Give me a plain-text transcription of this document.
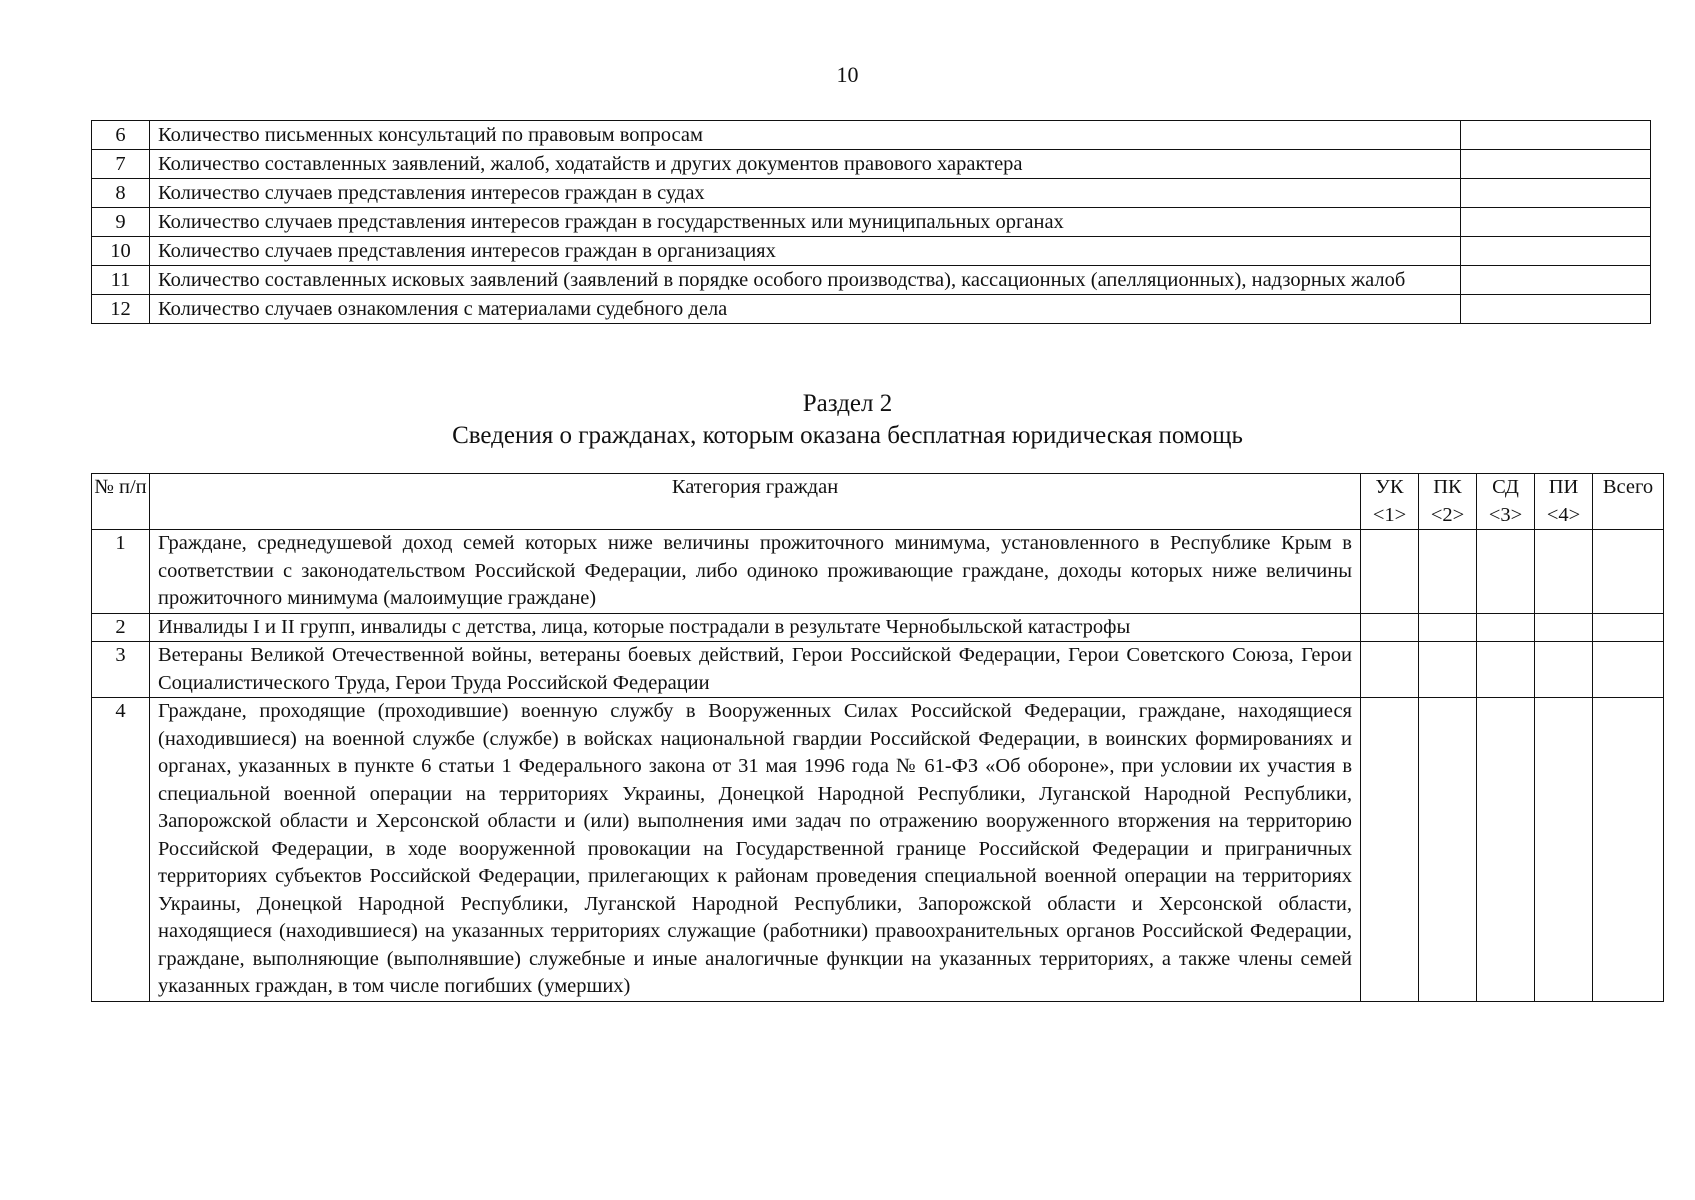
10
6	Количество письменных консультаций по правовым вопросам	
7	Количество составленных заявлений, жалоб, ходатайств и других документов правового характера	
8	Количество случаев представления интересов граждан в судах	
9	Количество случаев представления интересов граждан в государственных или муниципальных органах	
10	Количество случаев представления интересов граждан в организациях	
11	Количество составленных исковых заявлений (заявлений в порядке особого производства), кассационных (апелляционных), надзорных жалоб	
12	Количество случаев ознакомления с материалами судебного дела	
Раздел 2
Сведения о гражданах, которым оказана бесплатная юридическая помощь
№ п/п	Категория граждан	УК <1>	ПК <2>	СД <3>	ПИ <4>	Всего
1	Граждане, среднедушевой доход семей которых ниже величины прожиточного минимума, установленного в Республике Крым в соответствии с законодательством Российской Федерации, либо одиноко проживающие граждане, доходы которых ниже величины прожиточного минимума (малоимущие граждане)					
2	Инвалиды I и II групп, инвалиды с детства, лица, которые пострадали в результате Чернобыльской катастрофы					
3	Ветераны Великой Отечественной войны, ветераны боевых действий, Герои Российской Федерации, Герои Советского Союза, Герои Социалистического Труда, Герои Труда Российской Федерации					
4	Граждане, проходящие (проходившие) военную службу в Вооруженных Силах Российской Федерации, граждане, находящиеся (находившиеся) на военной службе (службе) в войсках национальной гвардии Российской Федерации, в воинских формированиях и органах, указанных в пункте 6 статьи 1 Федерального закона от 31 мая 1996 года № 61-ФЗ «Об обороне», при условии их участия в специальной военной операции на территориях Украины, Донецкой Народной Республики, Луганской Народной Республики, Запорожской области и Херсонской области и (или) выполнения ими задач по отражению вооруженного вторжения на территорию Российской Федерации, в ходе вооруженной провокации на Государственной границе Российской Федерации и приграничных территориях субъектов Российской Федерации, прилегающих к районам проведения специальной военной операции на территориях Украины, Донецкой Народной Республики, Луганской Народной Республики, Запорожской области и Херсонской области, находящиеся (находившиеся) на указанных территориях служащие (работники) правоохранительных органов Российской Федерации, граждане, выполняющие (выполнявшие) служебные и иные аналогичные функции на указанных территориях, а также члены семей указанных граждан, в том числе погибших (умерших)					
